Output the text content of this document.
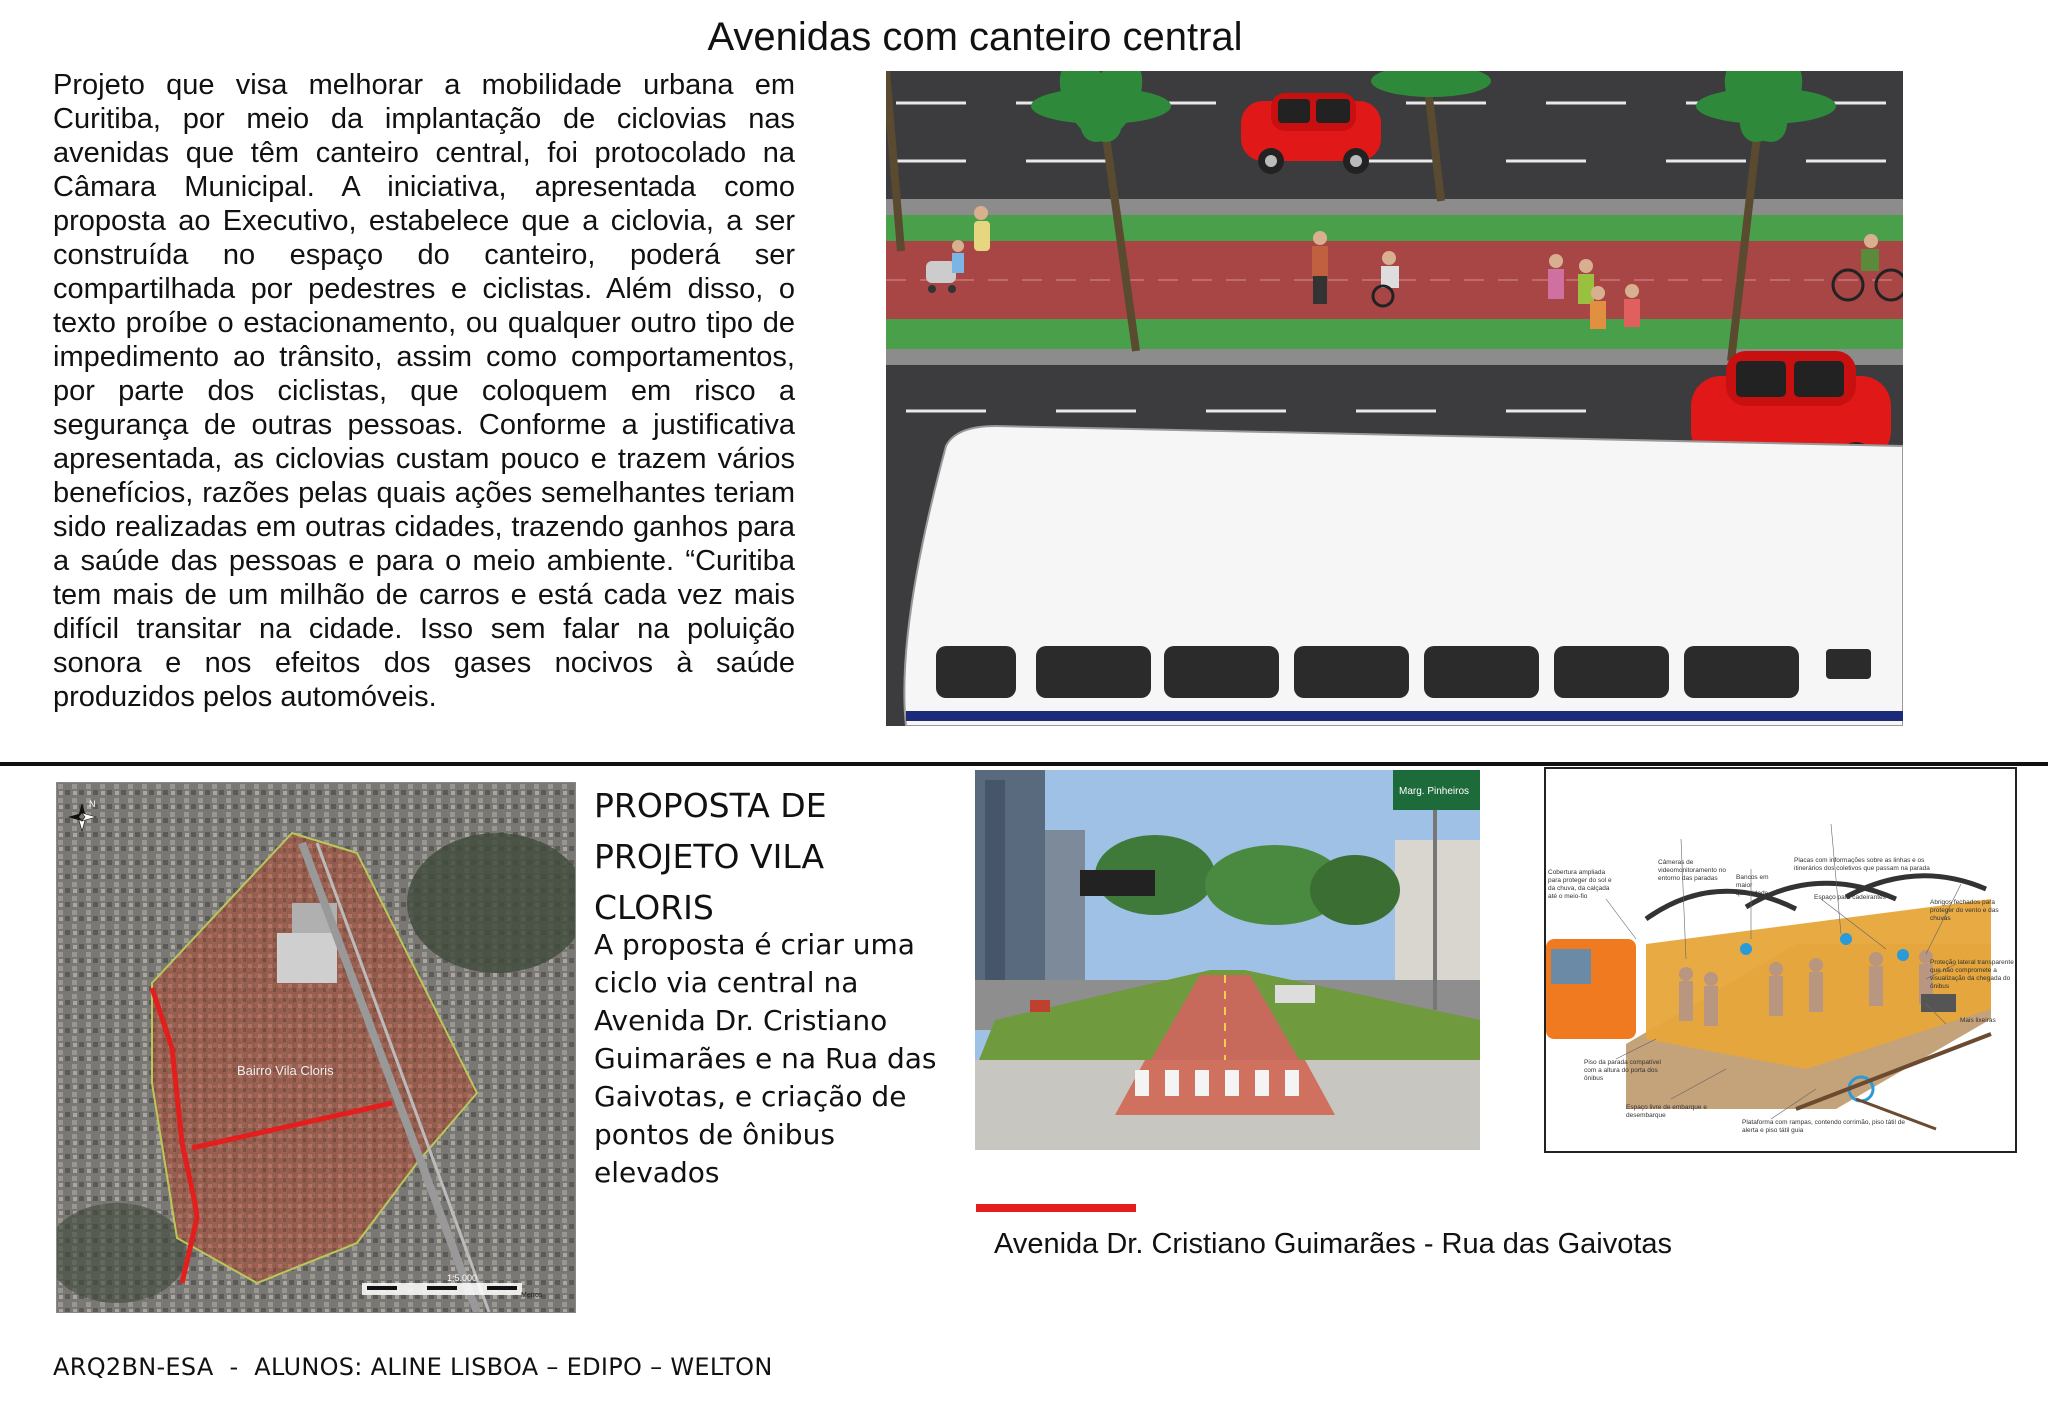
Avenidas com canteiro central

Projeto que visa melhorar a mobilidade urbana em Curitiba, por meio da implantação de ciclovias nas avenidas que têm canteiro central, foi protocolado na Câmara Municipal. A iniciativa, apresentada como proposta ao Executivo, estabelece que a ciclovia, a ser construída no espaço do canteiro, poderá ser compartilhada por pedestres e ciclistas. Além disso, o texto proíbe o estacionamento, ou qualquer outro tipo de impedimento ao trânsito, assim como comportamentos, por parte dos ciclistas, que coloquem em risco a segurança de outras pessoas. Conforme a justificativa apresentada, as ciclovias custam pouco e trazem vários benefícios, razões pelas quais ações semelhantes teriam sido realizadas em outras cidades, trazendo ganhos para a saúde das pessoas e para o meio ambiente. “Curitiba tem mais de um milhão de carros e está cada vez mais difícil transitar na cidade. Isso sem falar na poluição sonora e nos efeitos dos gases nocivos à saúde produzidos pelos automóveis.

Bairro Vila Cloris
N
1:5.000
Metros
PROPOSTA DE
PROJETO VILA
CLORIS
A proposta é criar uma ciclo via central na Avenida Dr. Cristiano Guimarães e na Rua das Gaivotas, e criação de pontos de ônibus elevados
Marg. Pinheiros
Cobertura ampliada para proteger do sol e da chuva, da calçada até o meio-fio
Câmeras de videomonitoramento no entorno das paradas	Bancos em maior quantidade
Placas com informações sobre as linhas e os itinerários dos coletivos que passam na parada
Espaço para cadeirantes
Abrigos fechados para proteger do vento e das chuvas
Proteção lateral transparente que não compromete a visualização da chegada do ônibus
Mais lixeiras
Piso da parada compatível com a altura do porta dos ônibus
Espaço livre de embarque e desembarque
Plataforma com rampas, contendo corrimão, piso tátil de alerta e piso tátil guia
Avenida Dr. Cristiano Guimarães - Rua das Gaivotas
ARQ2BN-ESA  -  ALUNOS: ALINE LISBOA – EDIPO – WELTON
